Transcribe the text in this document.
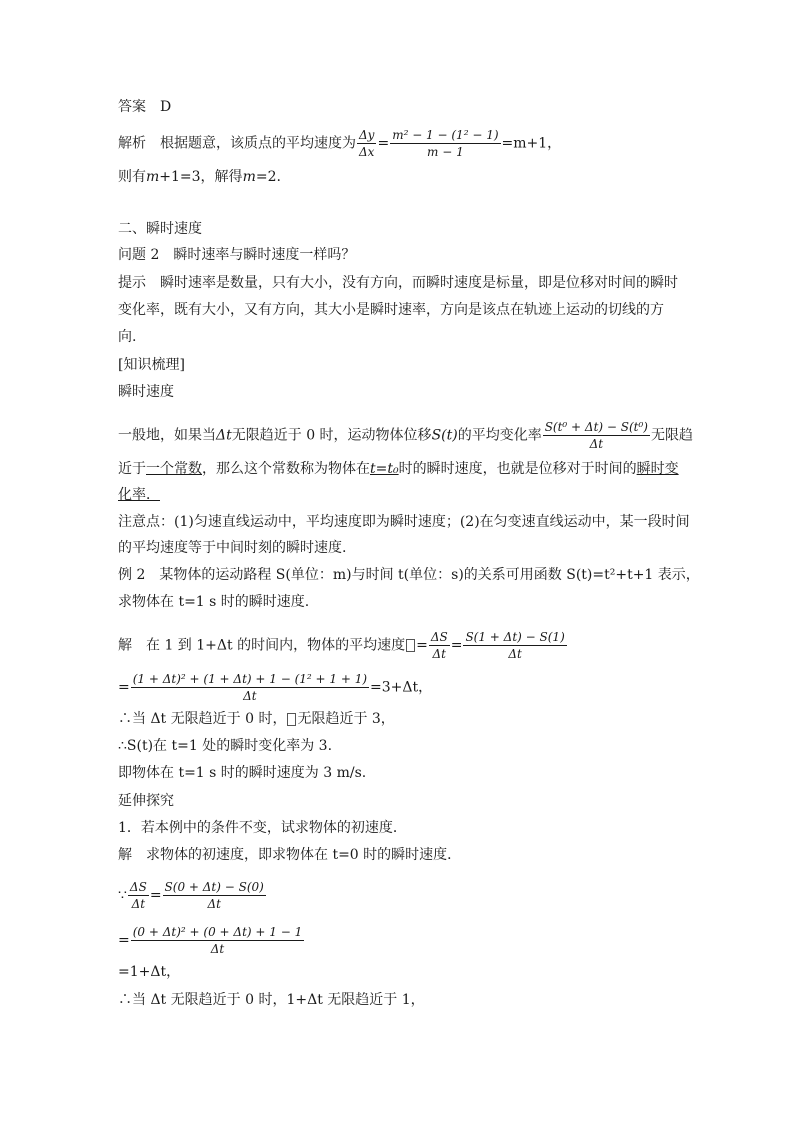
答案 D
解析 根据题意，该质点的平均速度为 $\frac{\Delta y}{\Delta x} = \frac{\text{m² − 1 − (1² − 1)}}{m - 1} =m+1$，
则有m+1=3，解得m=2.
二、瞬时速度
问题 2 瞬时速率与瞬时速度一样吗？
提示 瞬时速率是数量，只有大小，没有方向，而瞬时速度是标量，即是位移对时间的瞬时
变化率，既有大小，又有方向，其大小是瞬时速率，方向是该点在轨迹上运动的切线的方
向.
[知识梳理]
瞬时速度
一般地，如果当Δt无限趋近于 0 时，运动物体位移S(t)的平均变化率 $\frac{\text{S(t⁰ + Δt) − S(t⁰)}}{\Delta t}$ 无限趋
近于一个常数，那么这个常数称为物体在t=t₀时的瞬时速度，也就是位移对于时间的瞬时变
化率．
注意点：(1)匀速直线运动中，平均速度即为瞬时速度；(2)在匀变速直线运动中，某一段时间
的平均速度等于中间时刻的瞬时速度.
例 2　某物体的运动路程 S(单位：m)与时间 t(单位：s)的关系可用函数 S(t)=t²+t+1 表示，
求物体在 t=1 s 时的瞬时速度.
解 在 1 到 1+Δt 的时间内，物体的平均速度 = $\frac{\Delta S}{\Delta t} = \frac{S(1 + \Delta t) - S(1)}{\Delta t}$
= $\frac{\text{(1 + Δt)² + (1 + Δt) + 1 − (1² + 1 + 1)}}{\Delta t} =3+\Delta t$，
∴当 Δt 无限趋近于 0 时， 无限趋近于 3，
∴S(t)在 t=1 处的瞬时变化率为 3.
即物体在 t=1 s 时的瞬时速度为 3 m/s.
延伸探究
1．若本例中的条件不变，试求物体的初速度．
解 求物体的初速度，即求物体在 t=0 时的瞬时速度．
∵ $\frac{\Delta S}{\Delta t} = \frac{S(0 + \Delta t) - S(0)}{\Delta t}$
= $\frac{\text{(0 + Δt)² + (0 + Δt) + 1 − 1}}{\Delta t}$
=1+Δt，
∴当 Δt 无限趋近于 0 时，1+Δt 无限趋近于 1，
